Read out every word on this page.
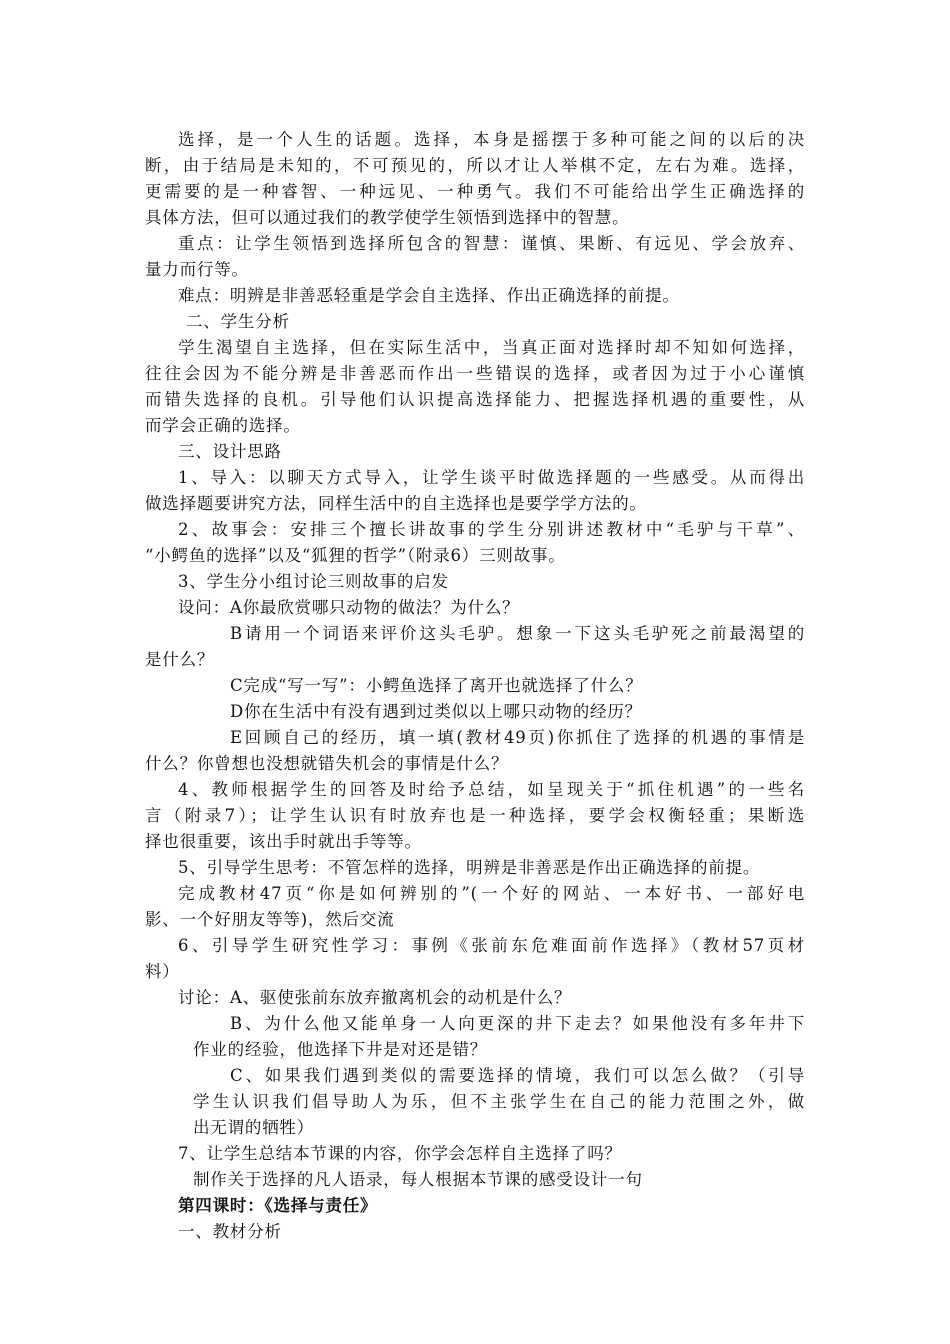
选择，是一个人生的话题。选择，本身是摇摆于多种可能之间的以后的决
断，由于结局是未知的，不可预见的，所以才让人举棋不定，左右为难。选择，
更需要的是一种睿智、一种远见、一种勇气。我们不可能给出学生正确选择的
具体方法，但可以通过我们的教学使学生领悟到选择中的智慧。
重点：让学生领悟到选择所包含的智慧：谨慎、果断、有远见、学会放弃、
量力而行等。
难点：明辨是非善恶轻重是学会自主选择、作出正确选择的前提。
二、学生分析
学生渴望自主选择，但在实际生活中，当真正面对选择时却不知如何选择，
往往会因为不能分辨是非善恶而作出一些错误的选择，或者因为过于小心谨慎
而错失选择的良机。引导他们认识提高选择能力、把握选择机遇的重要性，从
而学会正确的选择。
三、设计思路
1、导入：以聊天方式导入，让学生谈平时做选择题的一些感受。从而得出
做选择题要讲究方法，同样生活中的自主选择也是要学学方法的。
2、故事会：安排三个擅长讲故事的学生分别讲述教材中“毛驴与干草”、
“小鳄鱼的选择”以及“狐狸的哲学”（附录6）三则故事。
3、学生分小组讨论三则故事的启发
设问：A你最欣赏哪只动物的做法？为什么？
B请用一个词语来评价这头毛驴。想象一下这头毛驴死之前最渴望的
是什么？
C完成“写一写”：小鳄鱼选择了离开也就选择了什么？
D你在生活中有没有遇到过类似以上哪只动物的经历？
E回顾自己的经历，填一填(教材49页)你抓住了选择的机遇的事情是
什么？你曾想也没想就错失机会的事情是什么？
4、教师根据学生的回答及时给予总结，如呈现关于“抓住机遇”的一些名
言（附录7）；让学生认识有时放弃也是一种选择，要学会权衡轻重；果断选
择也很重要，该出手时就出手等等。
5、引导学生思考：不管怎样的选择，明辨是非善恶是作出正确选择的前提。
完成教材47页“你是如何辨别的”(一个好的网站、一本好书、一部好电
影、一个好朋友等等)，然后交流
6、引导学生研究性学习：事例《张前东危难面前作选择》（教材57页材
料）
讨论：A、驱使张前东放弃撤离机会的动机是什么？
B、为什么他又能单身一人向更深的井下走去？如果他没有多年井下
作业的经验，他选择下井是对还是错？
C、如果我们遇到类似的需要选择的情境，我们可以怎么做？（引导
学生认识我们倡导助人为乐，但不主张学生在自己的能力范围之外，做
出无谓的牺牲）
7、让学生总结本节课的内容，你学会怎样自主选择了吗？
制作关于选择的凡人语录，每人根据本节课的感受设计一句
第四课时：《选择与责任》
一、教材分析
